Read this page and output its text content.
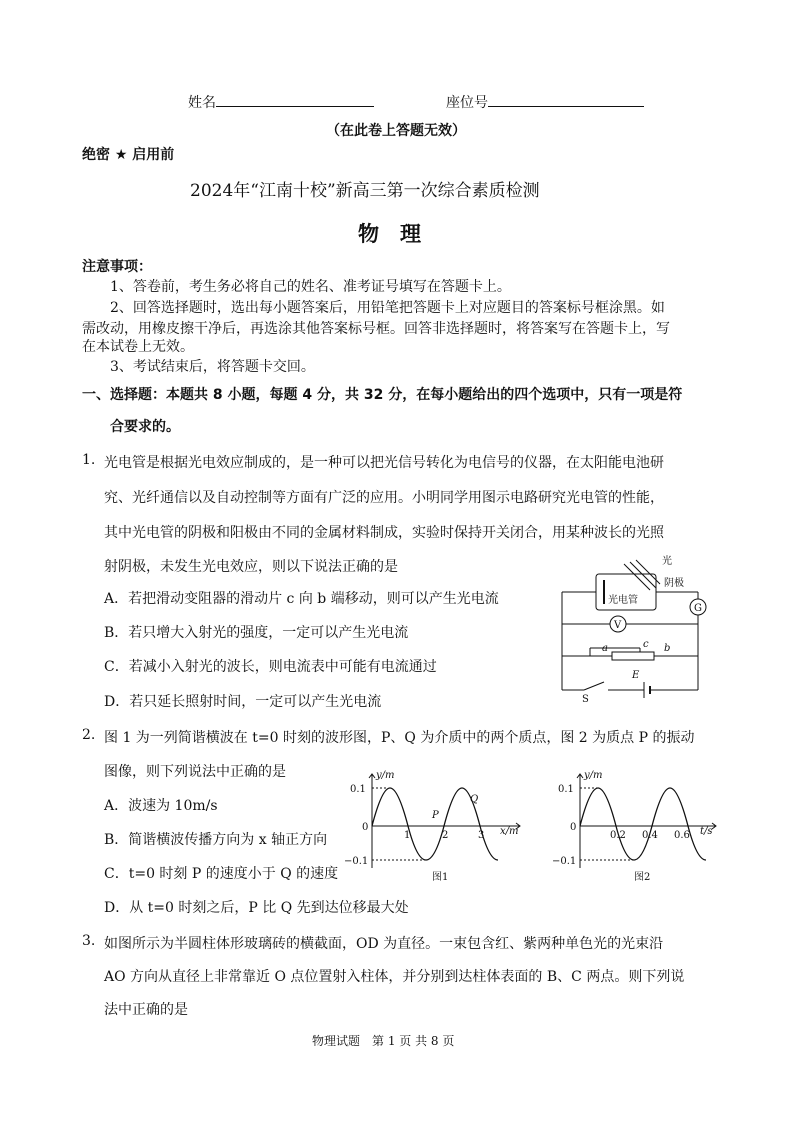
姓名	座位号
（在此卷上答题无效）
绝密 ★ 启用前
2024年“江南十校”新高三第一次综合素质检测
物　理
注意事项：
1、答卷前，考生务必将自己的姓名、准考证号填写在答题卡上。
2、回答选择题时，选出每小题答案后，用铅笔把答题卡上对应题目的答案标号框涂黑。如
需改动，用橡皮擦干净后，再选涂其他答案标号框。回答非选择题时，将答案写在答题卡上，写
在本试卷上无效。
3、考试结束后，将答题卡交回。
一、选择题：本题共 8 小题，每题 4 分，共 32 分，在每小题给出的四个选项中，只有一项是符
合要求的。
1. 光电管是根据光电效应制成的，是一种可以把光信号转化为电信号的仪器，在太阳能电池研
究、光纤通信以及自动控制等方面有广泛的应用。小明同学用图示电路研究光电管的性能，
其中光电管的阴极和阳极由不同的金属材料制成，实验时保持开关闭合，用某种波长的光照
射阴极，未发生光电效应，则以下说法正确的是
A．若把滑动变阻器的滑动片 c 向 b 端移动，则可以产生光电流
B．若只增大入射光的强度，一定可以产生光电流
C．若减小入射光的波长，则电流表中可能有电流通过
D．若只延长照射时间，一定可以产生光电流
光
阴极
光电管
G
V
a	c b
E
S
2. 图 1 为一列简谐横波在 t=0 时刻的波形图，P、Q 为介质中的两个质点，图 2 为质点 P 的振动
图像，则下列说法中正确的是
A．波速为 10m/s
B．简谐横波传播方向为 x 轴正方向
C．t=0 时刻 P 的速度小于 Q 的速度
D．从 t=0 时刻之后，P 比 Q 先到达位移最大处
y/m
0.1
0
−0.1
1	2	3 x/m
P
Q
图1
y/m
0.1
0
−0.1
0.2 0.4 0.6 t/s
图2
3. 如图所示为半圆柱体形玻璃砖的横截面，OD 为直径。一束包含红、紫两种单色光的光束沿
AO 方向从直径上非常靠近 O 点位置射入柱体，并分别到达柱体表面的 B、C 两点。则下列说
法中正确的是
物理试题　第 1 页 共 8 页
